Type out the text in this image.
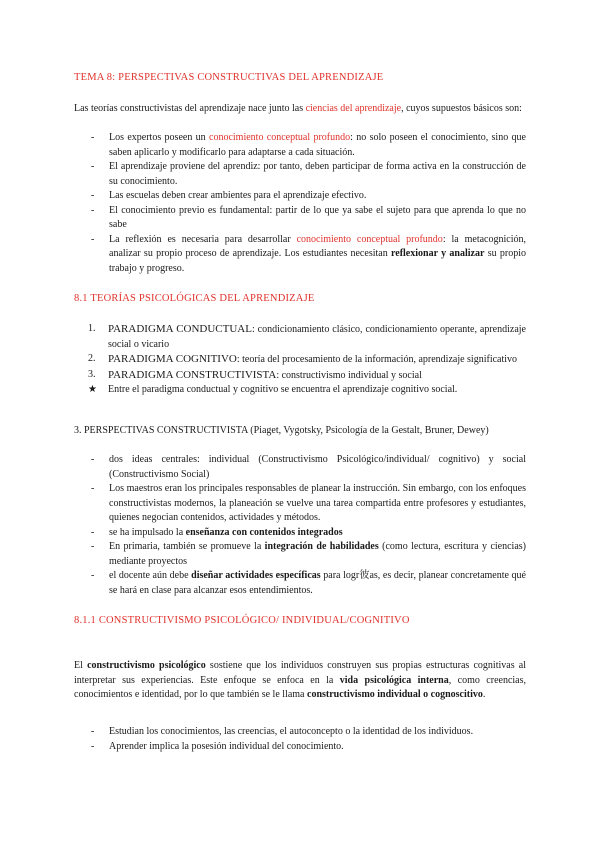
TEMA 8: PERSPECTIVAS CONSTRUCTIVAS DEL APRENDIZAJE
Las teorías constructivistas del aprendizaje nace junto las ciencias del aprendizaje, cuyos supuestos básicos son:
- Los expertos poseen un conocimiento conceptual profundo: no solo poseen el conocimiento, sino que saben aplicarlo y modificarlo para adaptarse a cada situación.
- El aprendizaje proviene del aprendiz: por tanto, deben participar de forma activa en la construcción de su conocimiento.
- Las escuelas deben crear ambientes para el aprendizaje efectivo.
- El conocimiento previo es fundamental: partir de lo que ya sabe el sujeto para que aprenda lo que no sabe
- La reflexión es necesaria para desarrollar conocimiento conceptual profundo: la metacognición, analizar su propio proceso de aprendizaje. Los estudiantes necesitan reflexionar y analizar su propio trabajo y progreso.
8.1 TEORÍAS PSICOLÓGICAS DEL APRENDIZAJE
1. PARADIGMA CONDUCTUAL: condicionamiento clásico, condicionamiento operante, aprendizaje social o vicario
2. PARADIGMA COGNITIVO: teoría del procesamiento de la información, aprendizaje significativo
3. PARADIGMA CONSTRUCTIVISTA: constructivismo individual y social
★ Entre el paradigma conductual y cognitivo se encuentra el aprendizaje cognitivo social.
3. PERSPECTIVAS CONSTRUCTIVISTA (Piaget, Vygotsky, Psicología de la Gestalt, Bruner, Dewey)
- dos ideas centrales: individual (Constructivismo Psicológico/individual/ cognitivo) y social (Constructivismo Social)
- Los maestros eran los principales responsables de planear la instrucción. Sin embargo, con los enfoques constructivistas modernos, la planeación se vuelve una tarea compartida entre profesores y estudiantes, quienes negocian contenidos, actividades y métodos.
- se ha impulsado la enseñanza con contenidos integrados
- En primaria, también se promueve la integración de habilidades (como lectura, escritura y ciencias) mediante proyectos
- el docente aún debe diseñar actividades específicas para logr彼as, es decir, planear concretamente qué se hará en clase para alcanzar esos entendimientos.
8.1.1 CONSTRUCTIVISMO PSICOLÓGICO/ INDIVIDUAL/COGNITIVO
El constructivismo psicológico sostiene que los individuos construyen sus propias estructuras cognitivas al interpretar sus experiencias. Este enfoque se enfoca en la vida psicológica interna, como creencias, conocimientos e identidad, por lo que también se le llama constructivismo individual o cognoscitivo.
- Estudian los conocimientos, las creencias, el autoconcepto o la identidad de los individuos.
- Aprender implica la posesión individual del conocimiento.
